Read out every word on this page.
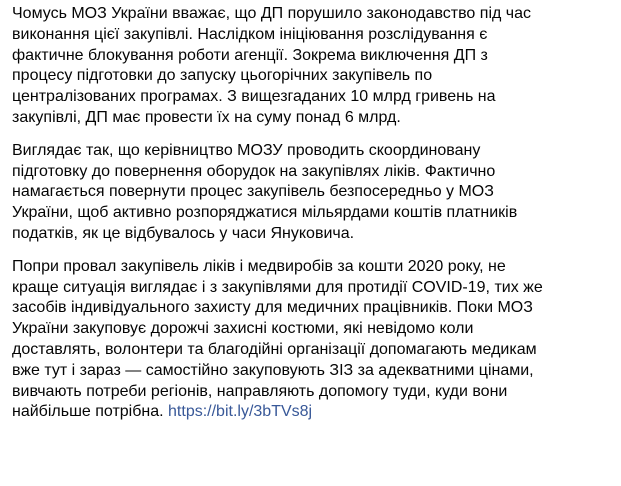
Чомусь МОЗ України вважає, що ДП порушило законодавство під час
виконання цієї закупівлі. Наслідком ініціювання розслідування є
фактичне блокування роботи агенції. Зокрема виключення ДП з
процесу підготовки до запуску цьогорічних закупівель по
централізованих програмах. З вищезгаданих 10 млрд гривень на
закупівлі, ДП має провести їх на суму понад 6 млрд.

Виглядає так, що керівництво МОЗУ проводить скоординовану
підготовку до повернення оборудок на закупівлях ліків. Фактично
намагається повернути процес закупівель безпосередньо у МОЗ
України, щоб активно розпоряджатися мільярдами коштів платників
податків, як це відбувалось у часи Януковича.

Попри провал закупівель ліків і медвиробів за кошти 2020 року, не
краще ситуація виглядає і з закупівлями для протидії COVID-19, тих же
засобів індивідуального захисту для медичних працівників. Поки МОЗ
України закуповує дорожчі захисні костюми, які невідомо коли
доставлять, волонтери та благодійні організації допомагають медикам
вже тут і зараз — самостійно закуповують ЗІЗ за адекватними цінами,
вивчають потреби регіонів, направляють допомогу туди, куди вони
найбільше потрібна. https://bit.ly/3bTVs8j
